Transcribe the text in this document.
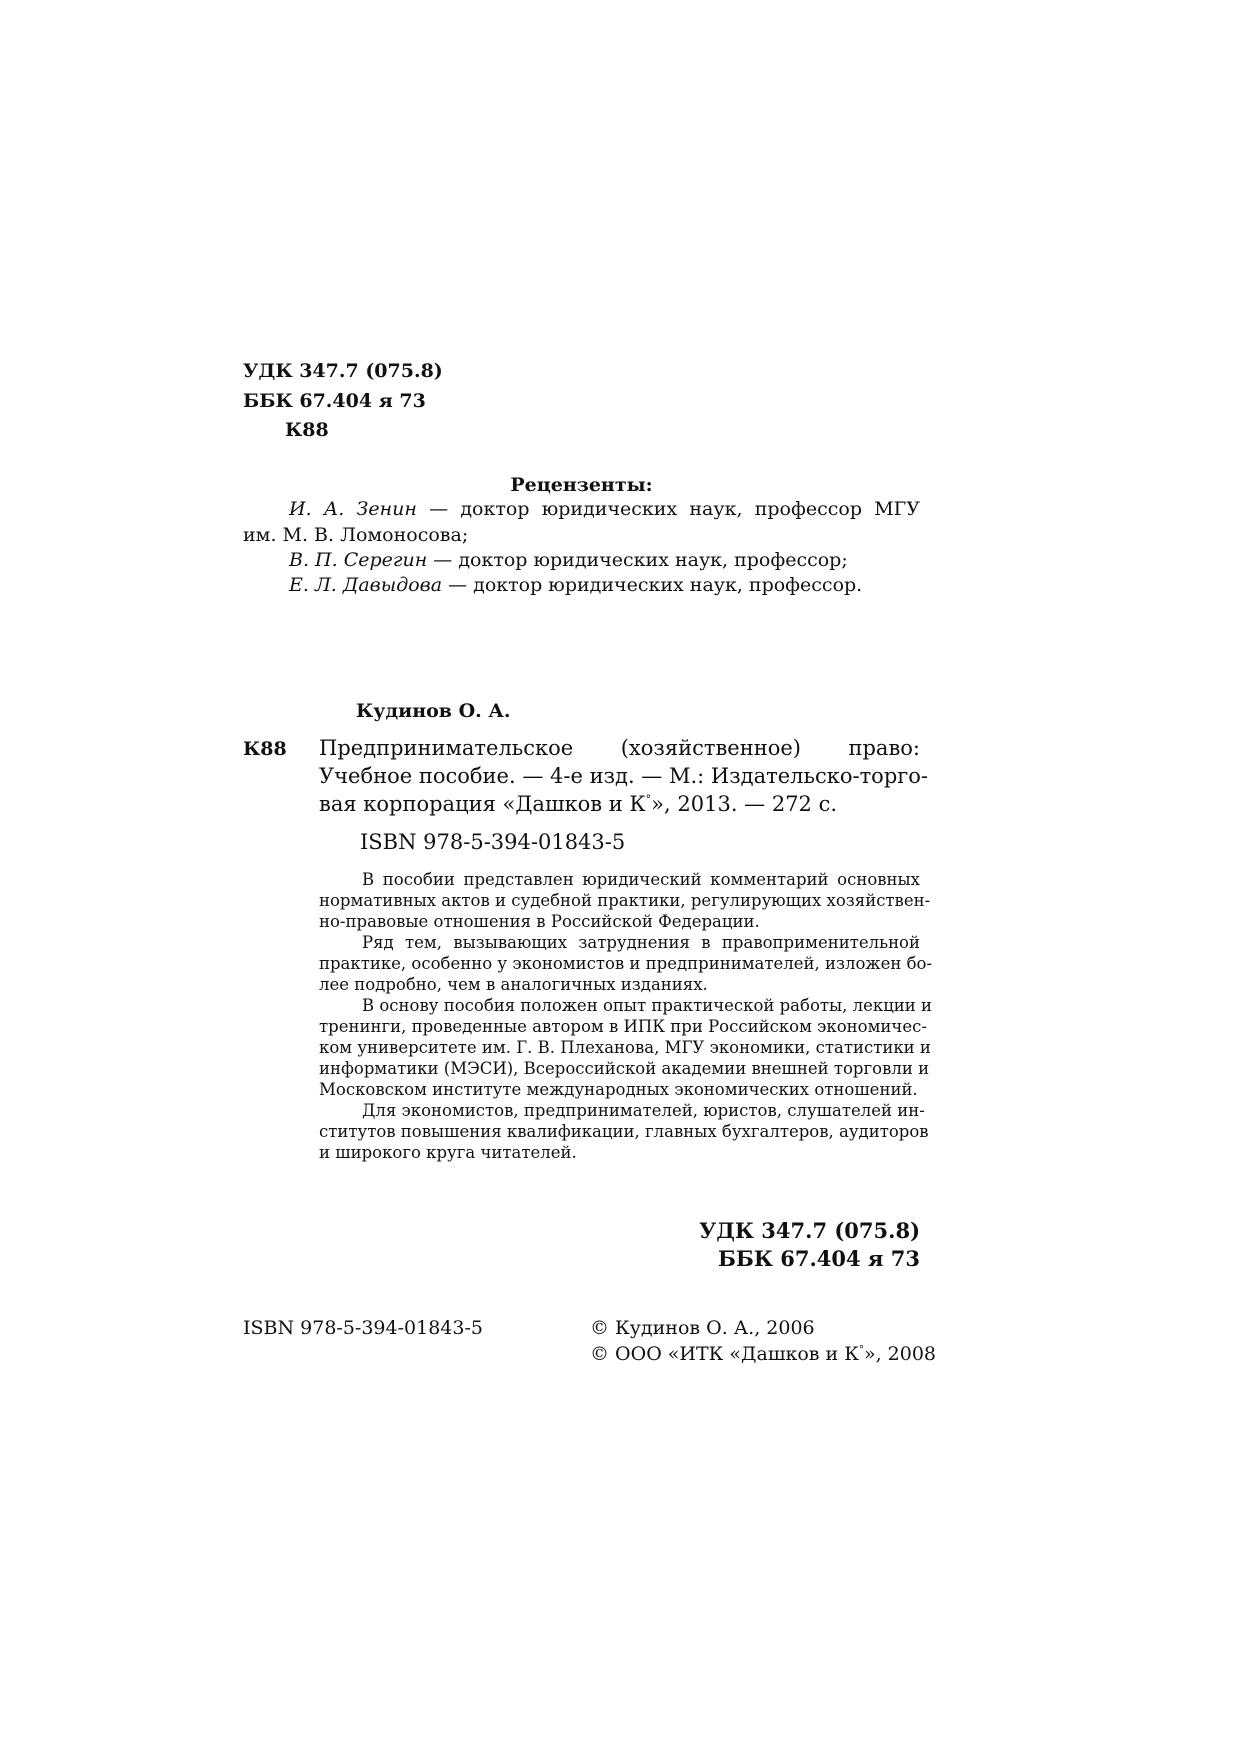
УДК 347.7 (075.8)
ББК 67.404 я 73
К88
Рецензенты:
И. А. Зенин — доктор юридических наук, профессор МГУ
им. М. В. Ломоносова;
В. П. Серегин — доктор юридических наук, профессор;
Е. Л. Давыдова — доктор юридических наук, профессор.
Кудинов О. А.
К88 Предпринимательское (хозяйственное) право:
Учебное пособие. — 4-е изд. — М.: Издательско-торго-
вая корпорация «Дашков и К°», 2013. — 272 с.
ISBN 978-5-394-01843-5
В пособии представлен юридический комментарий основных
нормативных актов и судебной практики, регулирующих хозяйствен-
но-правовые отношения в Российской Федерации.
Ряд тем, вызывающих затруднения в правоприменительной
практике, особенно у экономистов и предпринимателей, изложен бо-
лее подробно, чем в аналогичных изданиях.
В основу пособия положен опыт практической работы, лекции и
тренинги, проведенные автором в ИПК при Российском экономичес-
ком университете им. Г. В. Плеханова, МГУ экономики, статистики и
информатики (МЭСИ), Всероссийской академии внешней торговли и
Московском институте международных экономических отношений.
Для экономистов, предпринимателей, юристов, слушателей ин-
ститутов повышения квалификации, главных бухгалтеров, аудиторов
и широкого круга читателей.
УДК 347.7 (075.8)
ББК 67.404 я 73
ISBN 978-5-394-01843-5	© Кудинов О. А., 2006
© ООО «ИТК «Дашков и К°», 2008
